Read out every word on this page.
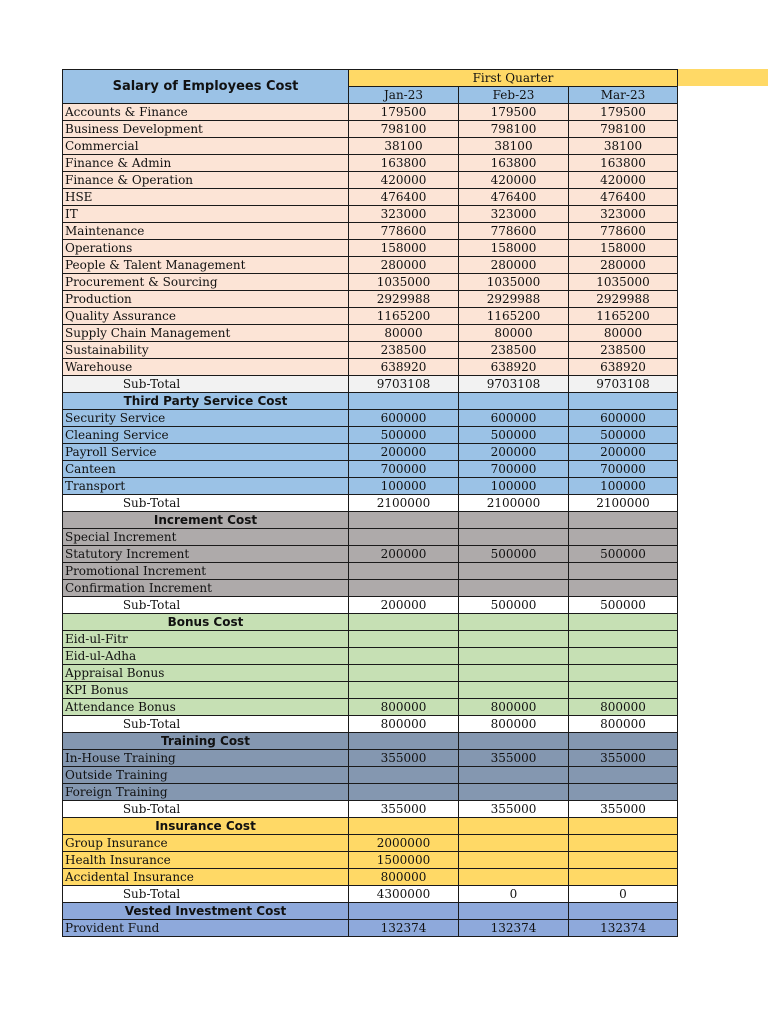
Salary of Employees Cost	First Quarter		
	Jan-23	Feb-23	Mar-23
Accounts & Finance	179500	179500	179500
Business Development	798100	798100	798100
Commercial	38100	38100	38100
Finance & Admin	163800	163800	163800
Finance & Operation	420000	420000	420000
HSE	476400	476400	476400
IT	323000	323000	323000
Maintenance	778600	778600	778600
Operations	158000	158000	158000
People & Talent Management	280000	280000	280000
Procurement & Sourcing	1035000	1035000	1035000
Production	2929988	2929988	2929988
Quality Assurance	1165200	1165200	1165200
Supply Chain Management	80000	80000	80000
Sustainability	238500	238500	238500
Warehouse	638920	638920	638920
Sub-Total	9703108	9703108	9703108
Third Party Service Cost			
Security Service	600000	600000	600000
Cleaning Service	500000	500000	500000
Payroll Service	200000	200000	200000
Canteen	700000	700000	700000
Transport	100000	100000	100000
Sub-Total	2100000	2100000	2100000
Increment Cost			
Special Increment			
Statutory Increment	200000	500000	500000
Promotional Increment			
Confirmation Increment			
Sub-Total	200000	500000	500000
Bonus Cost			
Eid-ul-Fitr			
Eid-ul-Adha			
Appraisal Bonus			
KPI Bonus			
Attendance Bonus	800000	800000	800000
Sub-Total	800000	800000	800000
Training Cost			
In-House Training	355000	355000	355000
Outside Training			
Foreign Training			
Sub-Total	355000	355000	355000
Insurance Cost			
Group Insurance	2000000		
Health Insurance	1500000		
Accidental Insurance	800000		
Sub-Total	4300000	0	0
Vested Investment Cost			
Provident Fund	132374	132374	132374
